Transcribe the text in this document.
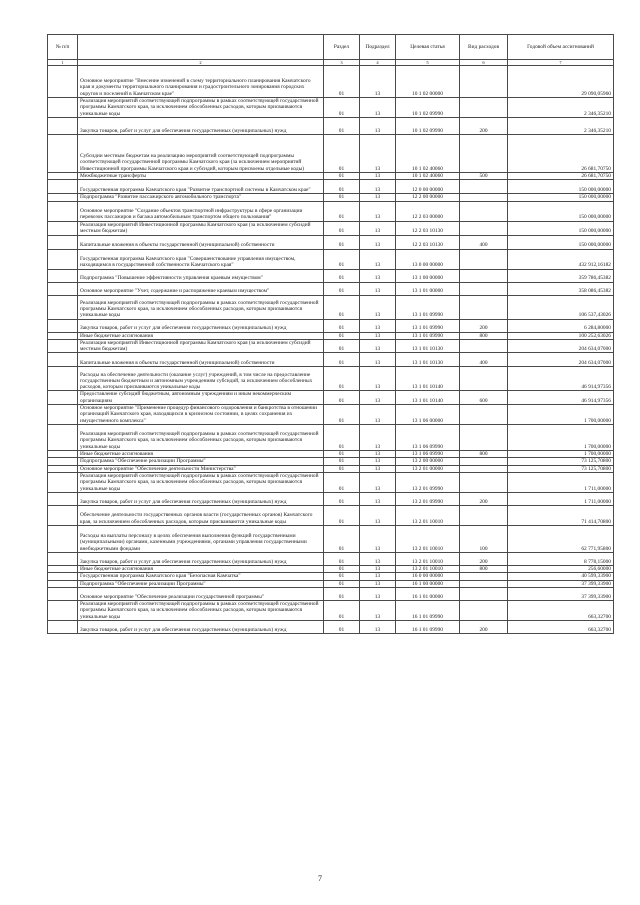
№ п/п		Раздел	Подраздел	Целевая статья	Вид расходов	Годовой объем ассигнований
1	2	3	4	5	6	7
	Основное мероприятие "Внесение изменений в схему территориального планирования Камчатского края и документы территориального планирования и градостроительного зонирования городских округов и поселений в Камчатском крае"	01	13	10 1 02 00000		29 090,05960
	Реализация мероприятий соответствующей подпрограммы в рамках соответствующей государственной программы Камчатского края, за исключением обособленных расходов, которым присваиваются уникальные коды	01	13	10 1 02 09990		2 346,35210
	Закупка товаров, работ и услуг для обеспечения государственных (муниципальных) нужд	01	13	10 1 02 09990	200	2 346,35210
	Субсидии местным бюджетам на реализацию мероприятий соответствующей подпрограммы соответствующей государственной программы Камчатского края (за исключением мероприятий Инвестиционной программы Камчатского края и субсидий, которым присвоены отдельные коды)	01	13	10 1 02 40060		26 681,70750
	Межбюджетные трансферты	01	13	10 1 02 40060	500	26 681,70750
	Государственная программа Камчатского края "Развитие транспортной системы в Камчатском крае"	01	13	12 0 00 00000		150 000,00000
	Подпрограмма "Развитие пассажирского автомобильного транспорта"	01	13	12 2 00 00000		150 000,00000
	Основное мероприятие "Создание объектов транспортной инфраструктуры в сфере организации перевозок пассажиров и багажа автомобильным транспортом общего пользования"	01	13	12 2 03 00000		150 000,00000
	Реализация мероприятий Инвестиционной программы Камчатского края (за исключением субсидий местным бюджетам)	01	13	12 2 03 10130		150 000,00000
	Капитальные вложения в объекты государственной (муниципальной) собственности	01	13	12 2 03 10130	400	150 000,00000
	Государственная программа Камчатского края "Совершенствование управления имуществом, находящимся в государственной собственности Камчатского края"	01	13	13 0 00 00000		432 912,16182
	Подпрограмма "Повышение эффективности управления краевым имуществом"	01	13	13 1 00 00000		359 786,45382
	Основное мероприятие "Учет, содержание и распоряжение краевым имуществом"	01	13	13 1 01 00000		358 086,45382
	Реализация мероприятий соответствующей подпрограммы в рамках соответствующей государственной программы Камчатского края, за исключением обособленных расходов, которым присваиваются уникальные коды	01	13	13 1 01 09990		106 537,43026
	Закупка товаров, работ и услуг для обеспечения государственных (муниципальных) нужд	01	13	13 1 01 09990	200	6 284,80000
	Иные бюджетные ассигнования	01	13	13 1 01 09990	800	100 252,63026
	Реализация мероприятий Инвестиционной программы Камчатского края (за исключением субсидий местным бюджетам)	01	13	13 1 01 10130		204 634,07000
	Капитальные вложения в объекты государственной (муниципальной) собственности	01	13	13 1 01 10130	400	204 634,07000
	Расходы на обеспечение деятельности (оказание услуг) учреждений, в том числе на предоставление государственным бюджетным и автономным учреждениям субсидий, за исключением обособленных расходов, которым присваиваются уникальные коды	01	13	13 1 01 10140		46 914,97356
	Предоставление субсидий бюджетным, автономным учреждениям и иным некоммерческим организациям	01	13	13 1 01 10140	600	46 914,97356
	Основное мероприятие "Применение процедур финансового оздоровления и банкротства в отношении организаций Камчатского края, находящихся в кризисном состоянии, в целях сохранения их имущественного комплекса"	01	13	13 1 06 00000		1 700,00000
	Реализация мероприятий соответствующей подпрограммы в рамках соответствующей государственной программы Камчатского края, за исключением обособленных расходов, которым присваиваются уникальные коды	01	13	13 1 06 09990		1 700,00000
	Иные бюджетные ассигнования	01	13	13 1 06 09990	800	1 700,00000
	Подпрограмма "Обеспечение реализации Программы"	01	13	13 2 00 00000		73 125,70800
	Основное мероприятие "Обеспечение деятельности Министерства"	01	13	13 2 01 00000		73 125,70800
	Реализация мероприятий соответствующей подпрограммы в рамках соответствующей государственной программы Камчатского края, за исключением обособленных расходов, которым присваиваются уникальные коды	01	13	13 2 01 09990		1 711,00000
	Закупка товаров, работ и услуг для обеспечения государственных (муниципальных) нужд	01	13	13 2 01 09990	200	1 711,00000
	Обеспечение деятельности государственных органов власти (государственных органов) Камчатского края, за исключением обособленных расходов, которым присваиваются уникальные коды	01	13	13 2 01 10010		71 414,70800
	Расходы на выплаты персоналу в целях обеспечения выполнения функций государственными (муниципальными) органами, казенными учреждениями, органами управления государственными внебюджетными фондами	01	13	13 2 01 10010	100	62 771,95800
	Закупка товаров, работ и услуг для обеспечения государственных (муниципальных) нужд	01	13	13 2 01 10010	200	8 778,15000
	Иные бюджетные ассигнования	01	13	13 2 01 10010	800	256,60000
	Государственная программа Камчатского края "Безопасная Камчатка"	01	13	16 0 00 00000		40 599,33900
	Подпрограмма "Обеспечение реализации Программы"	01	13	16 1 00 00000		37 399,33900
	Основное мероприятие "Обеспечение реализации государственной программы"	01	13	16 1 01 00000		37 399,33900
	Реализация мероприятий соответствующей подпрограммы в рамках соответствующей государственной программы Камчатского края, за исключением обособленных расходов, которым присваиваются уникальные коды	01	13	16 1 01 09990		663,32700
	Закупка товаров, работ и услуг для обеспечения государственных (муниципальных) нужд	01	13	16 1 01 09990	200	663,32700
7
